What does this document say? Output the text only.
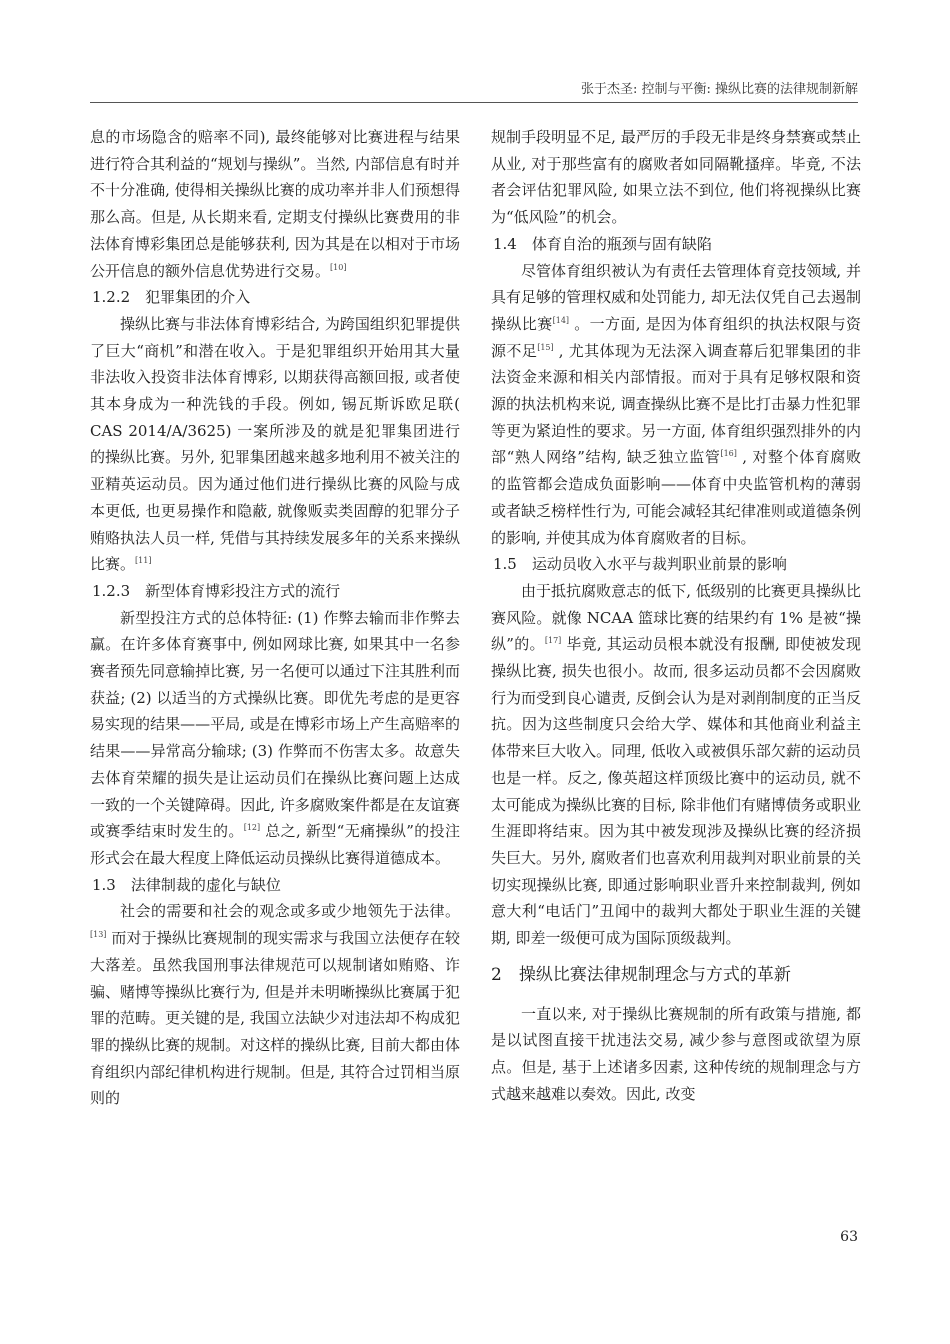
张于杰圣: 控制与平衡: 操纵比赛的法律规制新解

息的市场隐含的赔率不同), 最终能够对比赛进程与结果进行符合其利益的“规划与操纵”。当然, 内部信息有时并不十分准确, 使得相关操纵比赛的成功率并非人们预想得那么高。但是, 从长期来看, 定期支付操纵比赛费用的非法体育博彩集团总是能够获利, 因为其是在以相对于市场公开信息的额外信息优势进行交易。[10]

1.2.2　犯罪集团的介入

操纵比赛与非法体育博彩结合, 为跨国组织犯罪提供了巨大“商机”和潜在收入。于是犯罪组织开始用其大量非法收入投资非法体育博彩, 以期获得高额回报, 或者使其本身成为一种洗钱的手段。例如, 锡瓦斯诉欧足联( CAS 2014/A/3625) 一案所涉及的就是犯罪集团进行的操纵比赛。另外, 犯罪集团越来越多地利用不被关注的亚精英运动员。因为通过他们进行操纵比赛的风险与成本更低, 也更易操作和隐蔽, 就像贩卖类固醇的犯罪分子贿赂执法人员一样, 凭借与其持续发展多年的关系来操纵比赛。[11]

1.2.3　新型体育博彩投注方式的流行

新型投注方式的总体特征: (1) 作弊去输而非作弊去赢。在许多体育赛事中, 例如网球比赛, 如果其中一名参赛者预先同意输掉比赛, 另一名便可以通过下注其胜利而获益; (2) 以适当的方式操纵比赛。即优先考虑的是更容易实现的结果——平局, 或是在博彩市场上产生高赔率的结果——异常高分输球; (3) 作弊而不伤害太多。故意失去体育荣耀的损失是让运动员们在操纵比赛问题上达成一致的一个关键障碍。因此, 许多腐败案件都是在友谊赛或赛季结束时发生的。[12] 总之, 新型“无痛操纵”的投注形式会在最大程度上降低运动员操纵比赛得道德成本。

1.3　法律制裁的虚化与缺位

社会的需要和社会的观念或多或少地领先于法律。[13] 而对于操纵比赛规制的现实需求与我国立法便存在较大落差。虽然我国刑事法律规范可以规制诸如贿赂、诈骗、赌博等操纵比赛行为, 但是并未明晰操纵比赛属于犯罪的范畴。更关键的是, 我国立法缺少对违法却不构成犯罪的操纵比赛的规制。对这样的操纵比赛, 目前大都由体育组织内部纪律机构进行规制。但是, 其符合过罚相当原则的

规制手段明显不足, 最严厉的手段无非是终身禁赛或禁止从业, 对于那些富有的腐败者如同隔靴搔痒。毕竟, 不法者会评估犯罪风险, 如果立法不到位, 他们将视操纵比赛为“低风险”的机会。

1.4　体育自治的瓶颈与固有缺陷

尽管体育组织被认为有责任去管理体育竞技领域, 并具有足够的管理权威和处罚能力, 却无法仅凭自己去遏制操纵比赛[14] 。一方面, 是因为体育组织的执法权限与资源不足[15] , 尤其体现为无法深入调查幕后犯罪集团的非法资金来源和相关内部情报。而对于具有足够权限和资源的执法机构来说, 调查操纵比赛不是比打击暴力性犯罪等更为紧迫性的要求。另一方面, 体育组织强烈排外的内部“熟人网络”结构, 缺乏独立监管[16] , 对整个体育腐败的监管都会造成负面影响——体育中央监管机构的薄弱或者缺乏榜样性行为, 可能会减轻其纪律准则或道德条例的影响, 并使其成为体育腐败者的目标。

1.5　运动员收入水平与裁判职业前景的影响

由于抵抗腐败意志的低下, 低级别的比赛更具操纵比赛风险。就像 NCAA 篮球比赛的结果约有 1% 是被“操纵”的。[17] 毕竟, 其运动员根本就没有报酬, 即使被发现操纵比赛, 损失也很小。故而, 很多运动员都不会因腐败行为而受到良心谴责, 反倒会认为是对剥削制度的正当反抗。因为这些制度只会给大学、媒体和其他商业利益主体带来巨大收入。同理, 低收入或被俱乐部欠薪的运动员也是一样。反之, 像英超这样顶级比赛中的运动员, 就不太可能成为操纵比赛的目标, 除非他们有赌博债务或职业生涯即将结束。因为其中被发现涉及操纵比赛的经济损失巨大。另外, 腐败者们也喜欢利用裁判对职业前景的关切实现操纵比赛, 即通过影响职业晋升来控制裁判, 例如意大利“电话门”丑闻中的裁判大都处于职业生涯的关键期, 即差一级便可成为国际顶级裁判。

2　操纵比赛法律规制理念与方式的革新

一直以来, 对于操纵比赛规制的所有政策与措施, 都是以试图直接干扰违法交易, 减少参与意图或欲望为原点。但是, 基于上述诸多因素, 这种传统的规制理念与方式越来越难以奏效。因此, 改变

63
